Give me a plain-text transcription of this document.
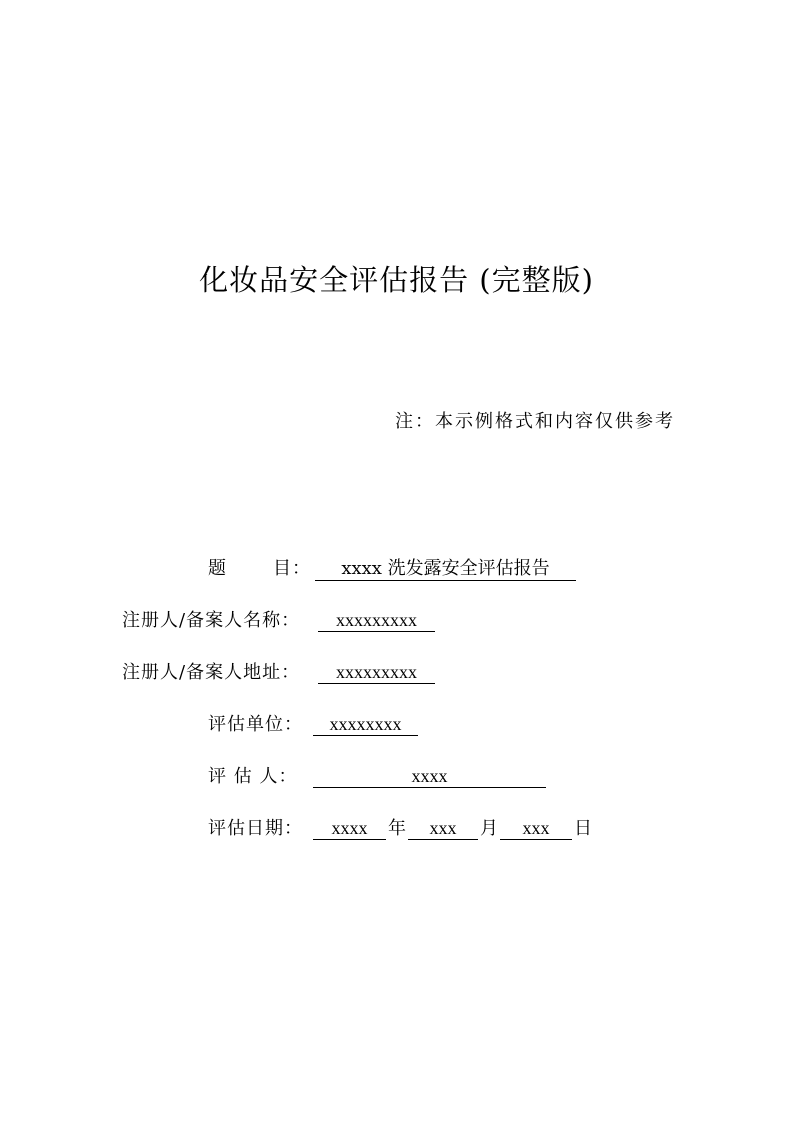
化妆品安全评估报告 (完整版)
注：本示例格式和内容仅供参考
题	目：	xxxx 洗发露安全评估报告
注册人/备案人名称：	xxxxxxxxx
注册人/备案人地址：	xxxxxxxxx
评估单位：	xxxxxxxx
评 估 人：	xxxx
评估日期：	xxxx	年	xxx	月	xxx	日
